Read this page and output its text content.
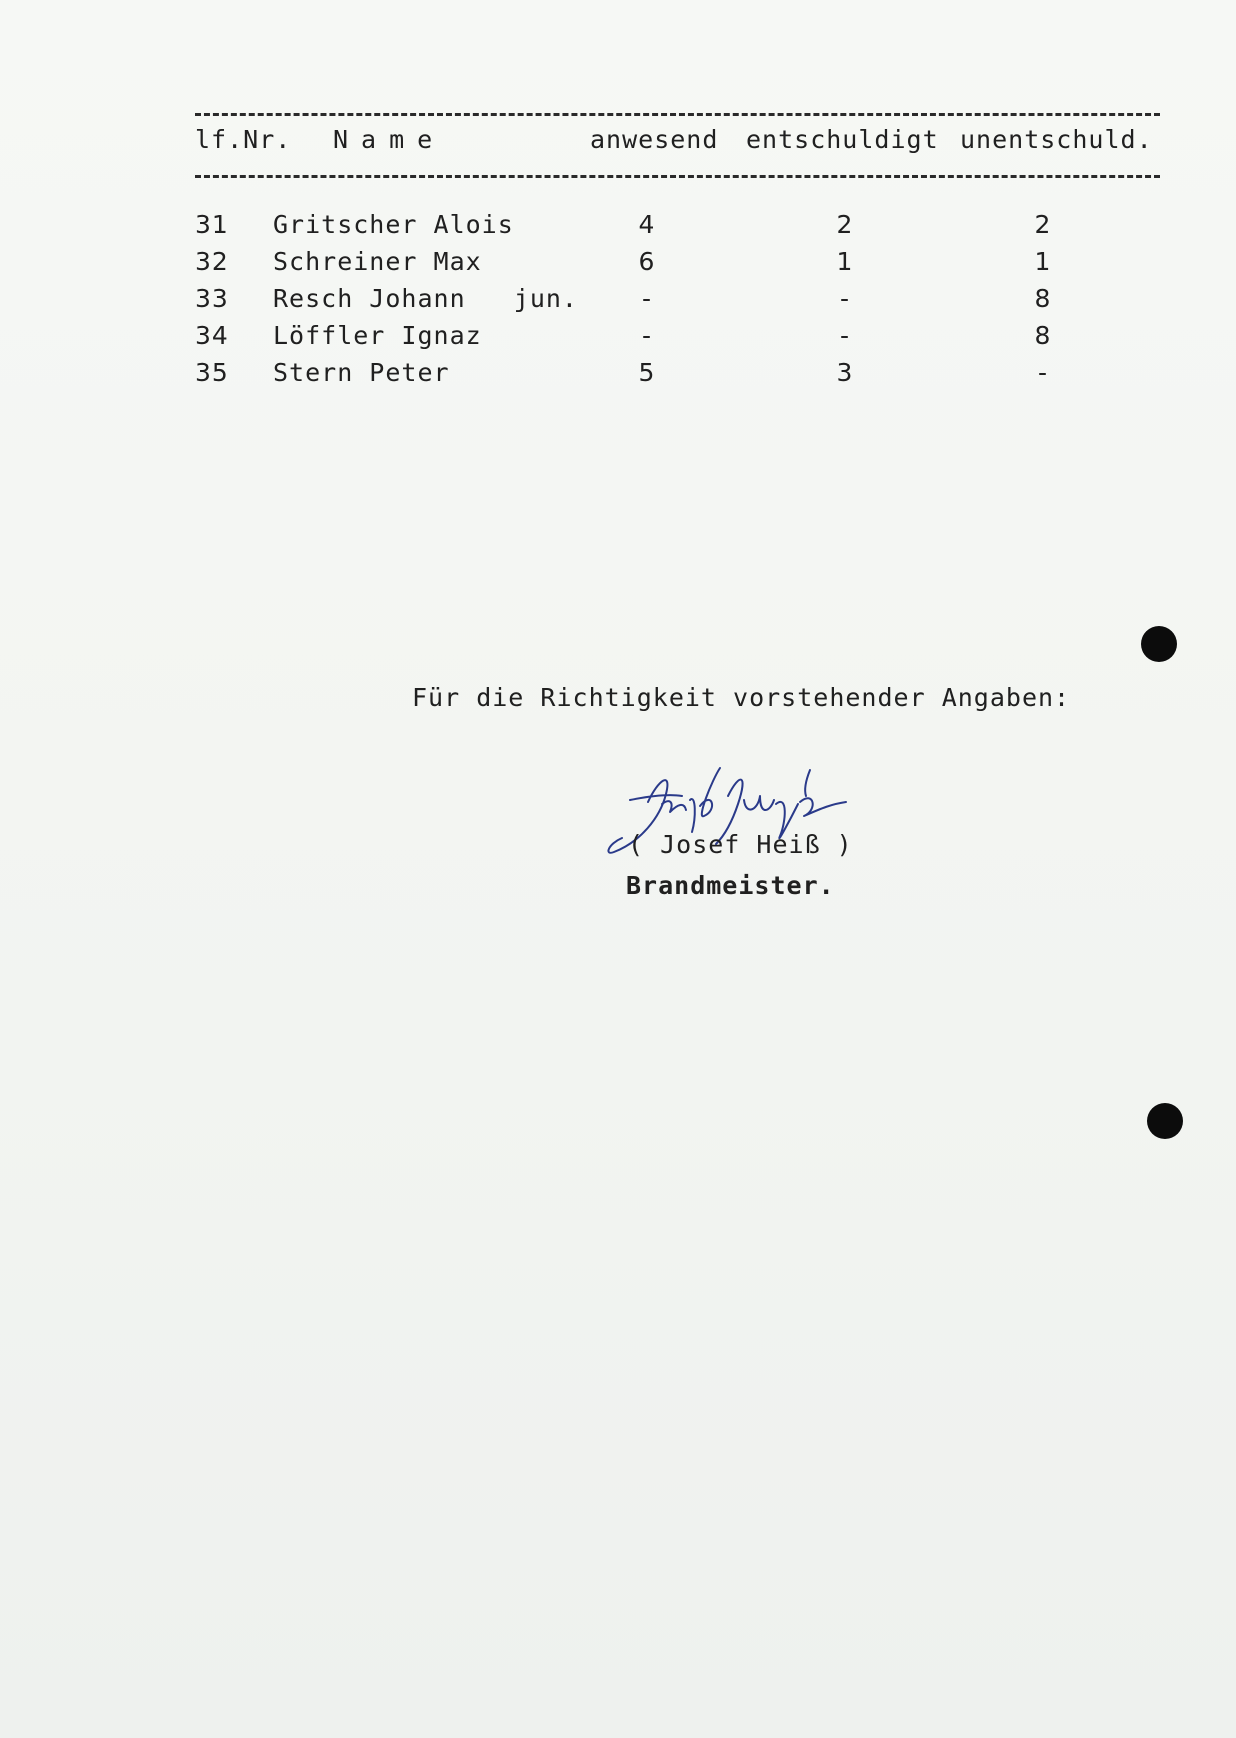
lf.Nr. Name	anwesend entschuldigt unentschuld.
31 Gritscher Alois	4	2	2
32 Schreiner Max	6	1	1
33 Resch Johann   jun.	-	-	8
34 Löffler Ignaz	-	-	8
35 Stern Peter	5	3	-
Für die Richtigkeit vorstehender Angaben:
( Josef Heiß )
Brandmeister.
